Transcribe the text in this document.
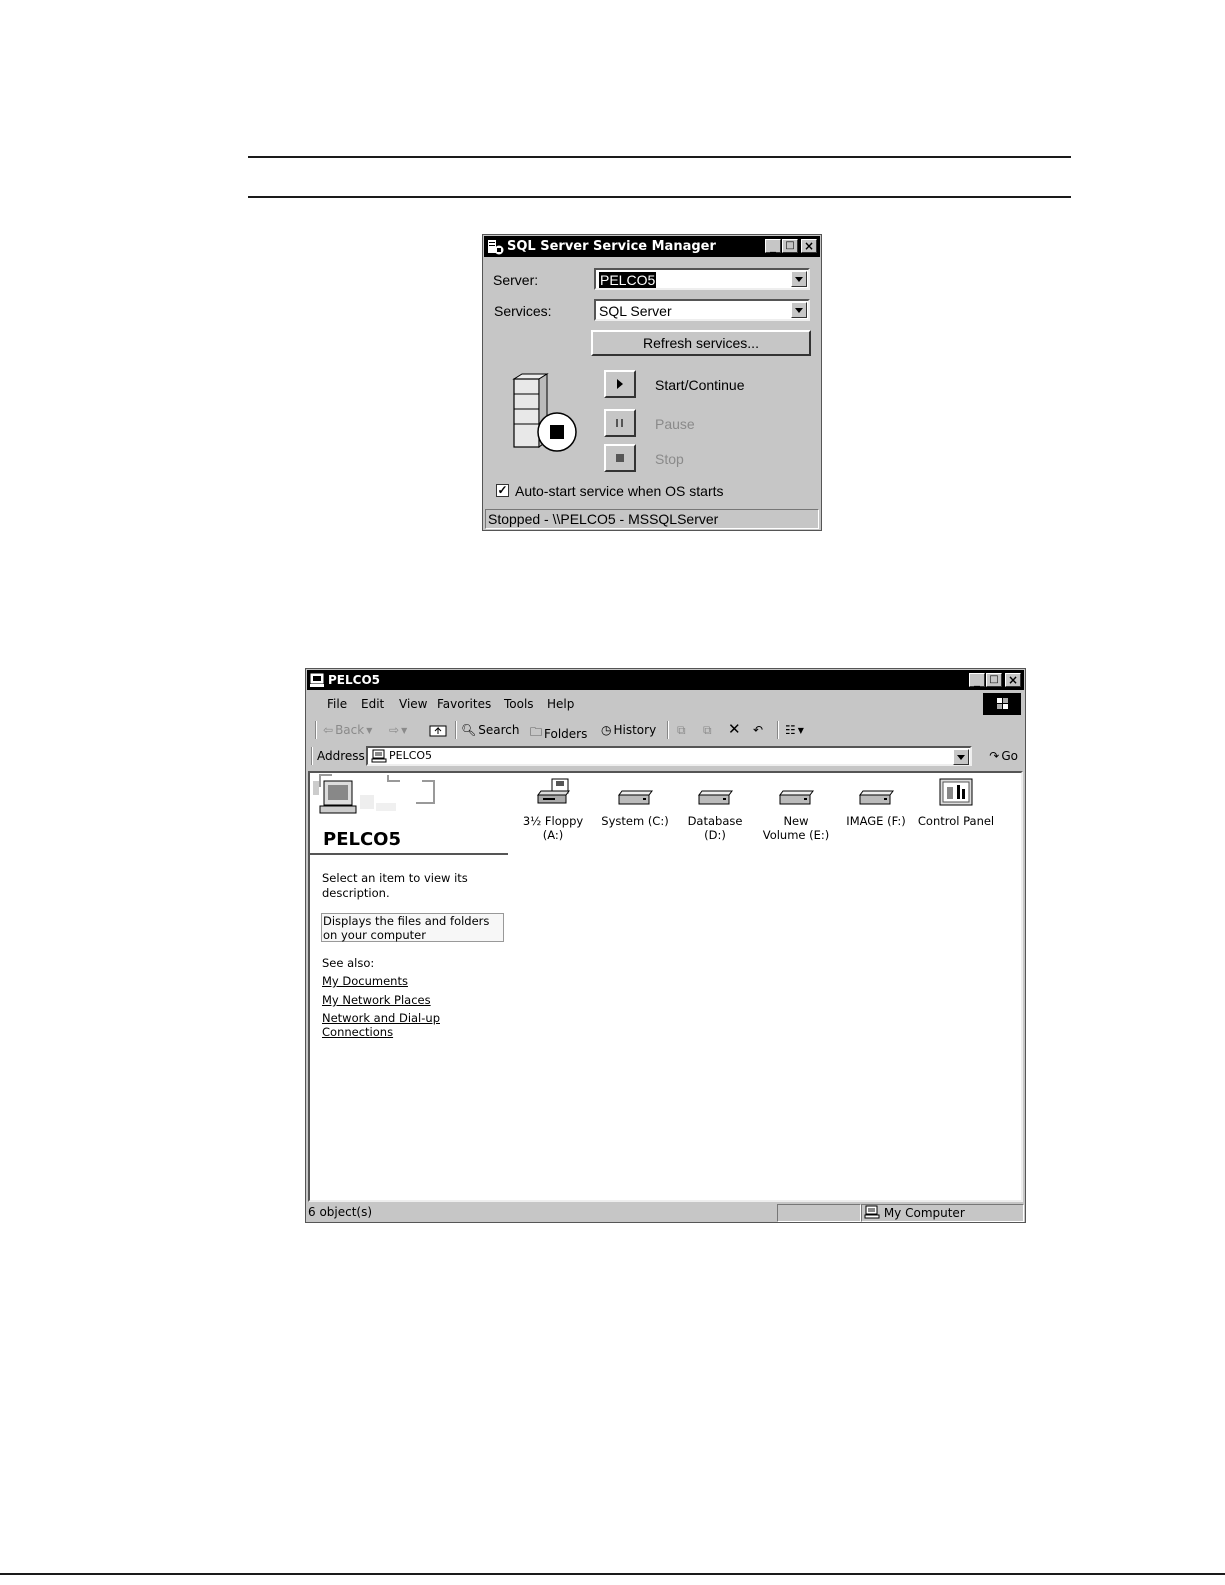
SQL Server Service Manager	_ □ ×
Server:	PELCO5
Services:	SQL Server
Refresh services...
Start/Continue
Pause
Stop
✓ Auto-start service when OS starts
Stopped - \\PELCO5 - MSSQLServer
PELCO5	_ □ ×
File Edit View Favorites Tools Help
⇦ Back ▼ ⇨ ▼	🔍︎ Search 🗀︎ Folders ◷ History ⧉ ⧉ ✕ ↶ ☷ ▼
Address PELCO5	↷ Go
PELCO5
Select an item to view its description.
Displays the files and folders on your computer
See also:
My Documents
My Network Places
Network and Dial-up Connections
3½ Floppy (A:)
System (C:)	Database (D:)
New Volume (E:)
IMAGE (F:)	Control Panel
6 object(s)	My Computer
